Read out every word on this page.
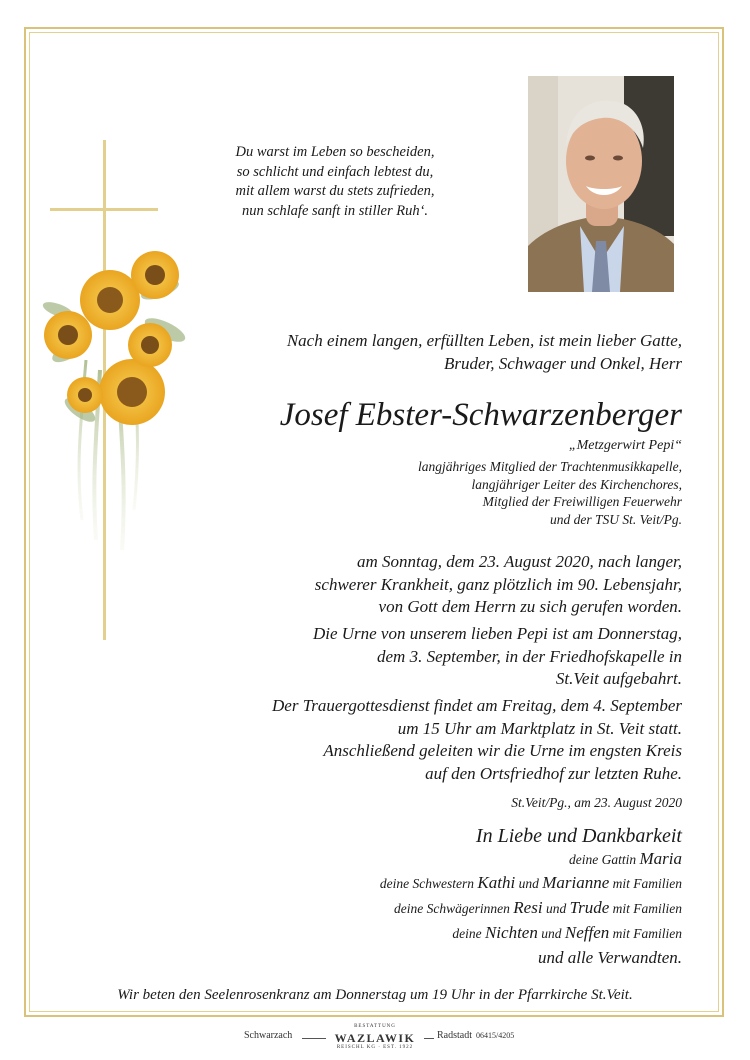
Du warst im Leben so bescheiden,
so schlicht und einfach lebtest du,
mit allem warst du stets zufrieden,
nun schlafe sanft in stiller Ruh‘.
Nach einem langen, erfüllten Leben, ist mein lieber Gatte,
Bruder, Schwager und Onkel, Herr
Josef Ebster-Schwarzenberger
„Metzgerwirt Pepi“
langjähriges Mitglied der Trachtenmusikkapelle,
langjähriger Leiter des Kirchenchores,
Mitglied der Freiwilligen Feuerwehr
und der TSU St. Veit/Pg.
am Sonntag, dem 23. August 2020, nach langer,
schwerer Krankheit, ganz plötzlich im 90. Lebensjahr,
von Gott dem Herrn zu sich gerufen worden.
Die Urne von unserem lieben Pepi ist am Donnerstag,
dem 3. September, in der Friedhofskapelle in
St.Veit aufgebahrt.
Der Trauergottesdienst findet am Freitag, dem 4. September
um 15 Uhr am Marktplatz in St. Veit statt.
Anschließend geleiten wir die Urne im engsten Kreis
auf den Ortsfriedhof zur letzten Ruhe.
St.Veit/Pg., am 23. August 2020
In Liebe und Dankbarkeit
deine Gattin Maria
deine Schwestern Kathi und Marianne mit Familien
deine Schwägerinnen Resi und Trude mit Familien
deine Nichten und Neffen mit Familien
und alle Verwandten.
Wir beten den Seelenrosenkranz am Donnerstag um 19 Uhr in der Pfarrkirche St.Veit.
Schwarzach
BESTATTUNG
WAZLAWIK
REISCHL KG · EST. 1922
Radstadt 06415/4205
